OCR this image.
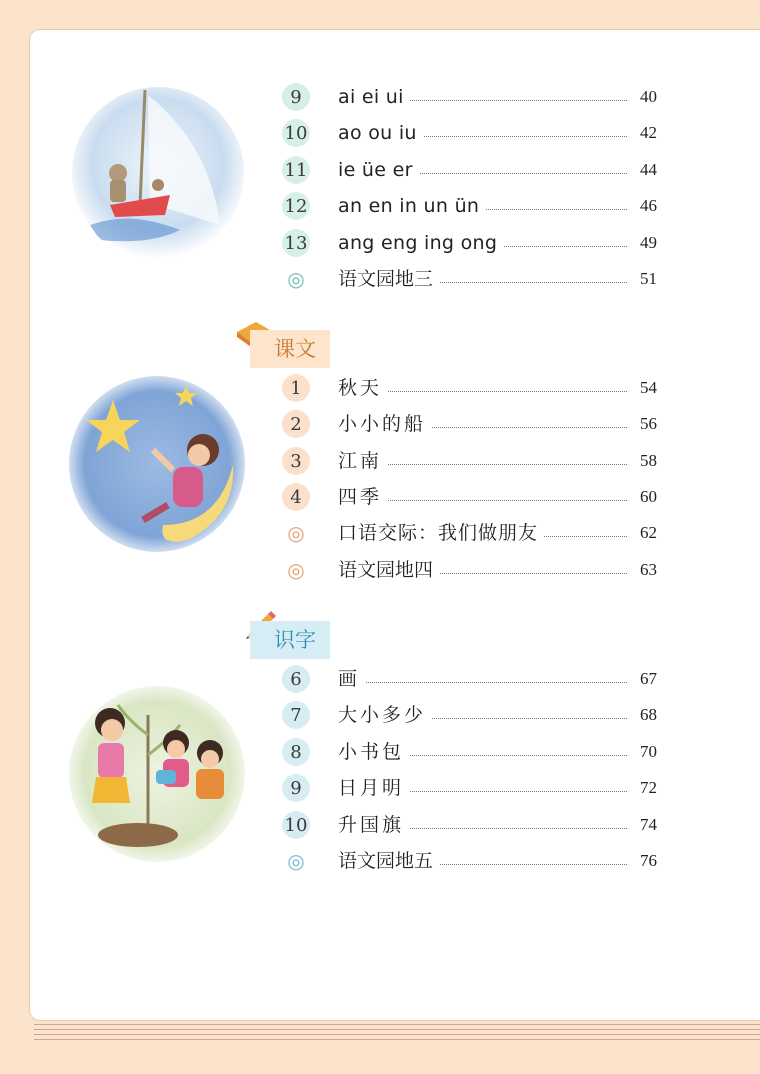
9	ai ei ui	40
10 ao ou iu	42
11 ie üe er	44
12 an en in un ün	46
13 ang eng ing ong	49
◎ 语文园地三	51
课文
1	秋天	54
2	小小的船	56
3	江南	58
4	四季	60
◎ 口语交际：我们做朋友	62
◎ 语文园地四	63
识字
6	画	67
7	大小多少	68
8	小书包	70
9	日月明	72
10 升国旗	74
◎ 语文园地五	76
